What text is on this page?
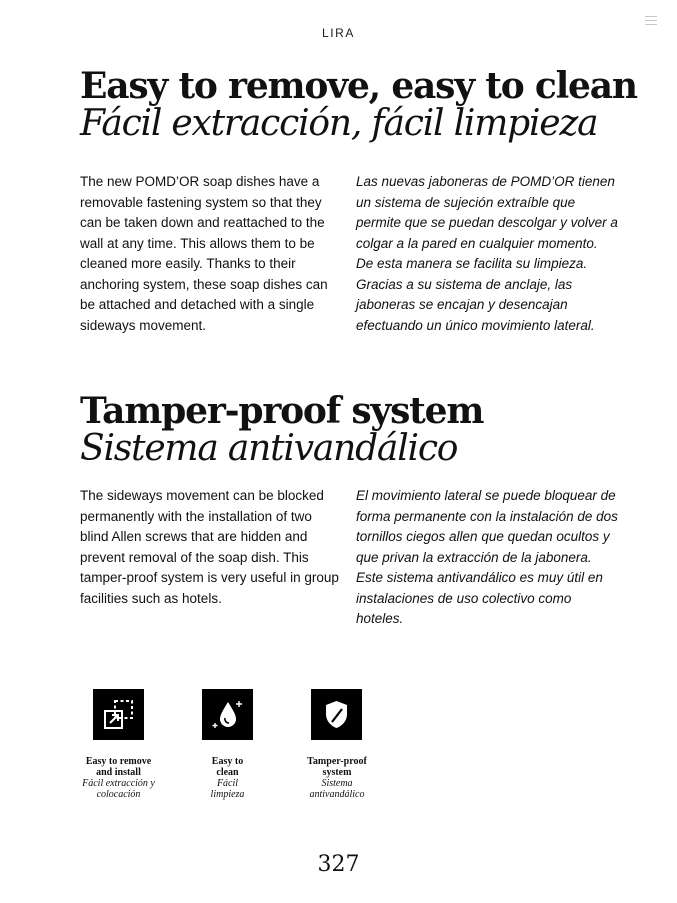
LIRA
Easy to remove, easy to clean
Fácil extracción, fácil limpieza

The new POMD’OR soap dishes have a removable fastening system so that they can be taken down and reattached to the wall at any time. This allows them to be cleaned more easily. Thanks to their anchoring system, these soap dishes can be attached and detached with a single sideways movement.

Las nuevas jaboneras de POMD’OR tienen un sistema de sujeción extraíble que permite que se puedan descolgar y volver a colgar a la pared en cualquier momento. De esta manera se facilita su limpieza. Gracias a su sistema de anclaje, las jaboneras se encajan y desencajan efectuando un único movimiento lateral.

Tamper-proof system
Sistema antivandálico

The sideways movement can be blocked permanently with the installation of two blind Allen screws that are hidden and prevent removal of the soap dish. This tamper-proof system is very useful in group facilities such as hotels.

El movimiento lateral se puede bloquear de forma permanente con la instalación de dos tornillos ciegos allen que quedan ocultos y que privan la extracción de la jabonera. Este sistema antivandálico es muy útil en instalaciones de uso colectivo como hoteles.

Easy to remove and install
Fácil extracción y colocación
Easy to clean
Fácil limpieza
Tamper-proof system
Sistema antivandálico
327
